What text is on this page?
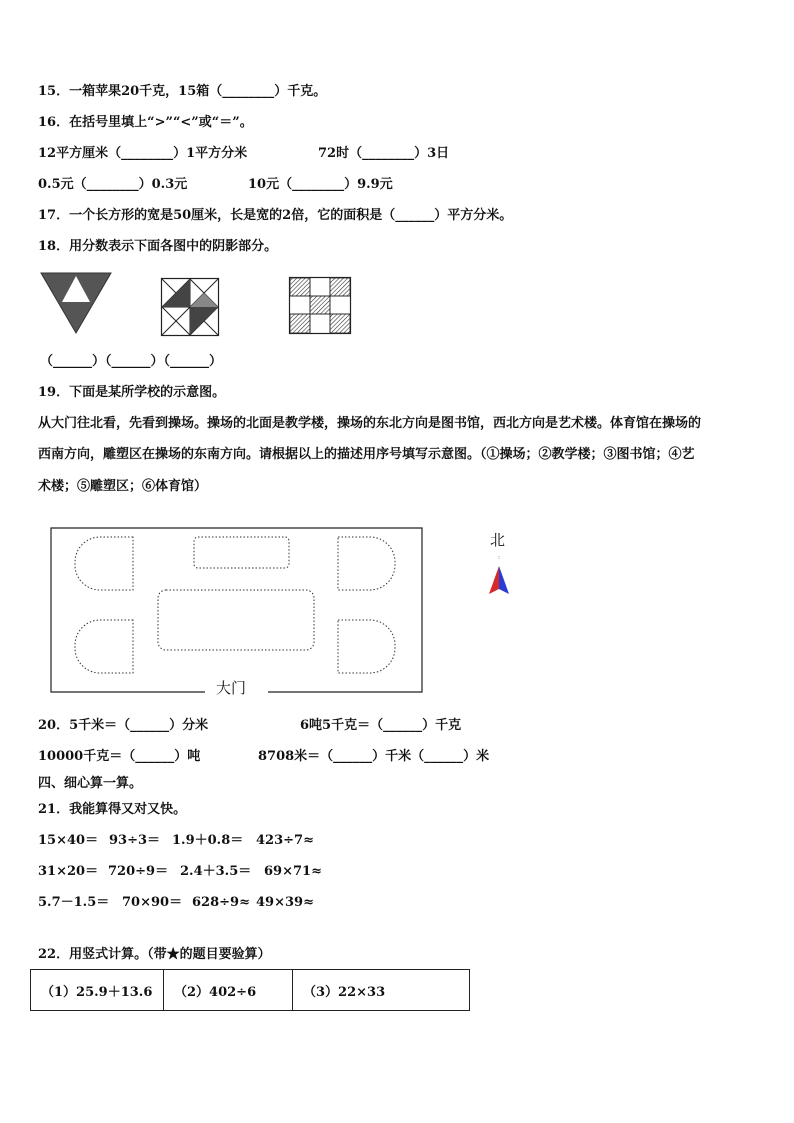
15．一箱苹果20千克，15箱（________）千克。
16．在括号里填上“>”“<”或“＝”。
12平方厘米（________）1平方分米	72时（________）3日
0.5元（________）0.3元	10元（________）9.9元
17．一个长方形的宽是50厘米，长是宽的2倍，它的面积是（______）平方分米。
18．用分数表示下面各图中的阴影部分。
（______）（______）（______）
19．下面是某所学校的示意图。
从大门往北看，先看到操场。操场的北面是教学楼，操场的东北方向是图书馆，西北方向是艺术楼。体育馆在操场的
西南方向，雕塑区在操场的东南方向。请根据以上的描述用序号填写示意图。（①操场；②教学楼；③图书馆；④艺
术楼；⑤雕塑区；⑥体育馆）
大门
北
20．5千米＝（______）分米	6吨5千克＝（______）千克
10000千克＝（______）吨	8708米＝（______）千米（______）米
四、细心算一算。
21．我能算得又对又快。
15×40＝ 93÷3＝ 1.9＋0.8＝ 423÷7≈
31×20＝ 720÷9＝ 2.4＋3.5＝ 69×71≈
5.7－1.5＝ 70×90＝ 628÷9≈ 49×39≈
22．用竖式计算。（带★的题目要验算）
（1）25.9＋13.6	（2）402÷6	（3）22×33
